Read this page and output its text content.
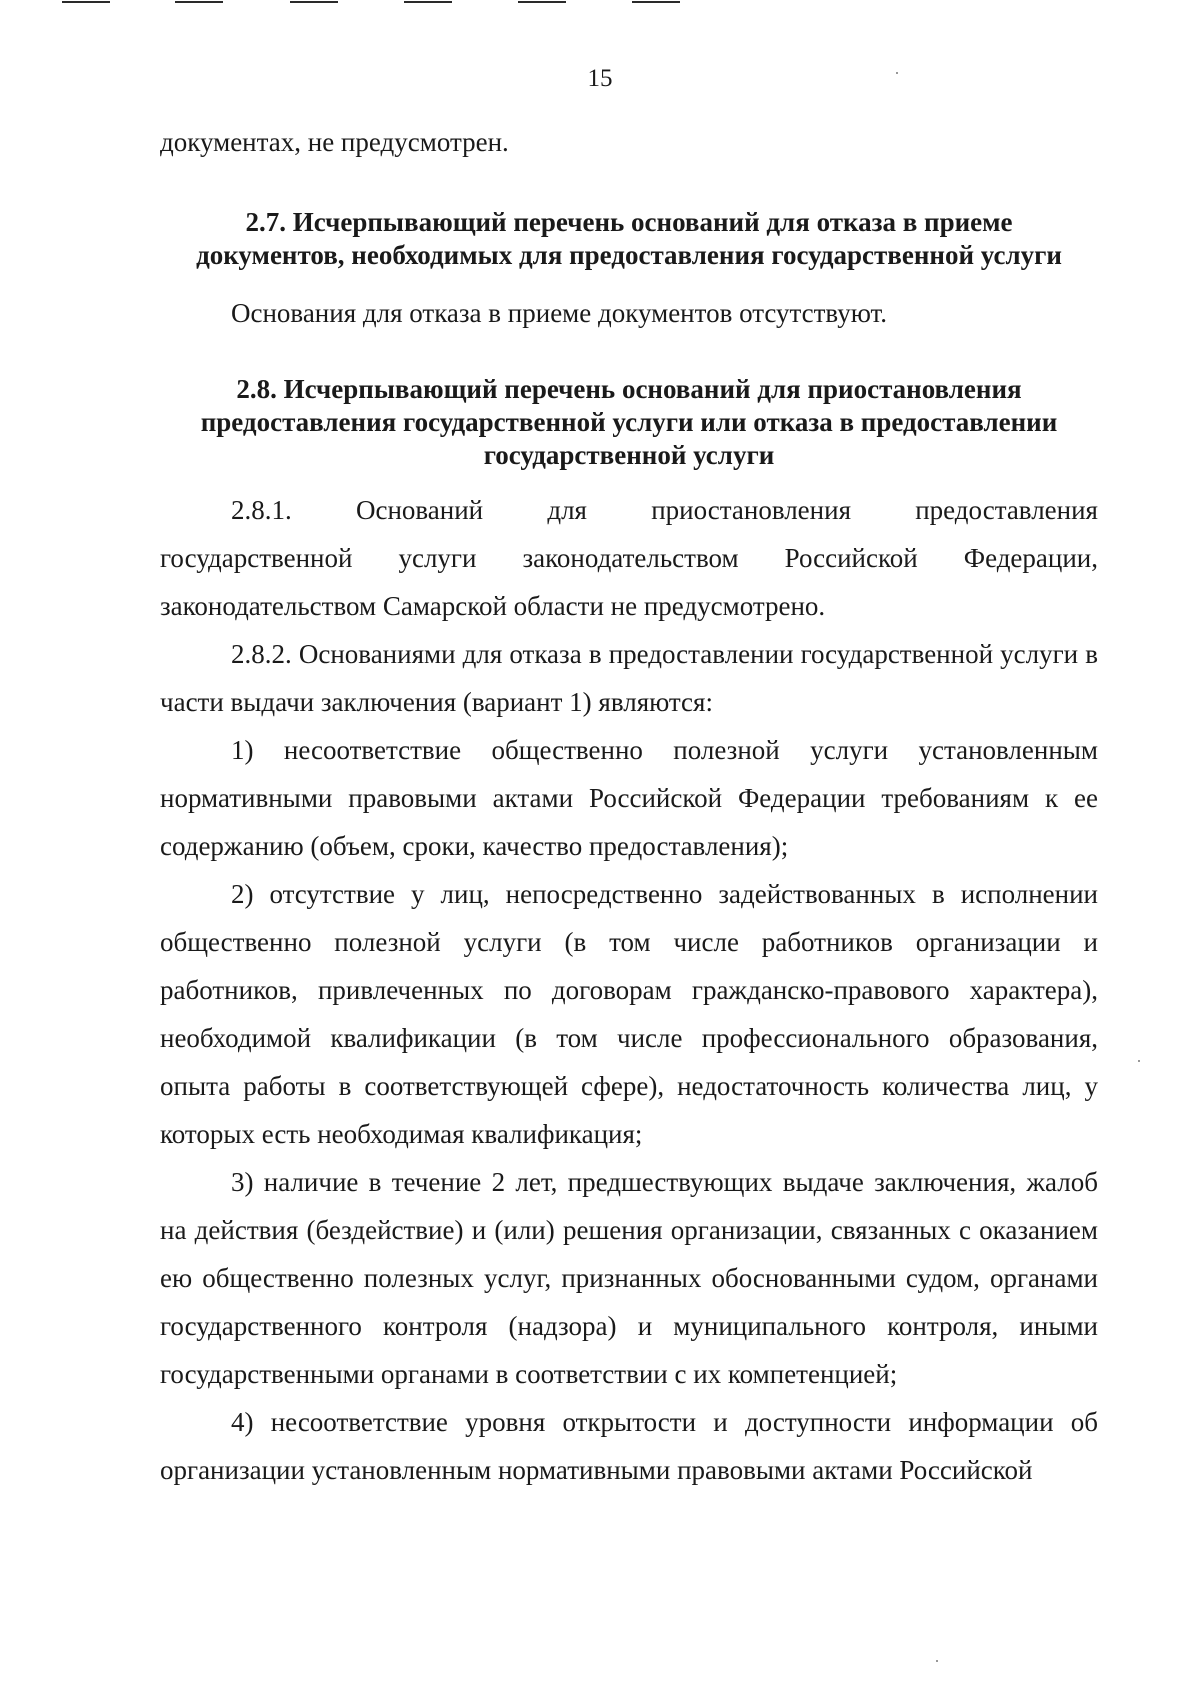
15

документах, не предусмотрен.

2.7. Исчерпывающий перечень оснований для отказа в приеме документов, необходимых для предоставления государственной услуги

Основания для отказа в приеме документов отсутствуют.

2.8. Исчерпывающий перечень оснований для приостановления предоставления государственной услуги или отказа в предоставлении государственной услуги
2.8.1. Оснований для приостановления предоставления

государственной услуги законодательством Российской Федерации, законодательством Самарской области не предусмотрено.

2.8.2. Основаниями для отказа в предоставлении государственной услуги в части выдачи заключения (вариант 1) являются:

1) несоответствие общественно полезной услуги установленным нормативными правовыми актами Российской Федерации требованиям к ее содержанию (объем, сроки, качество предоставления);

2) отсутствие у лиц, непосредственно задействованных в исполнении общественно полезной услуги (в том числе работников организации и работников, привлеченных по договорам гражданско-правового характера), необходимой квалификации (в том числе профессионального образования, опыта работы в соответствующей сфере), недостаточность количества лиц, у которых есть необходимая квалификация;

3) наличие в течение 2 лет, предшествующих выдаче заключения, жалоб на действия (бездействие) и (или) решения организации, связанных с оказанием ею общественно полезных услуг, признанных обоснованными судом, органами государственного контроля (надзора) и муниципального контроля, иными государственными органами в соответствии с их компетенцией;

4) несоответствие уровня открытости и доступности информации об организации установленным нормативными правовыми актами Российской
